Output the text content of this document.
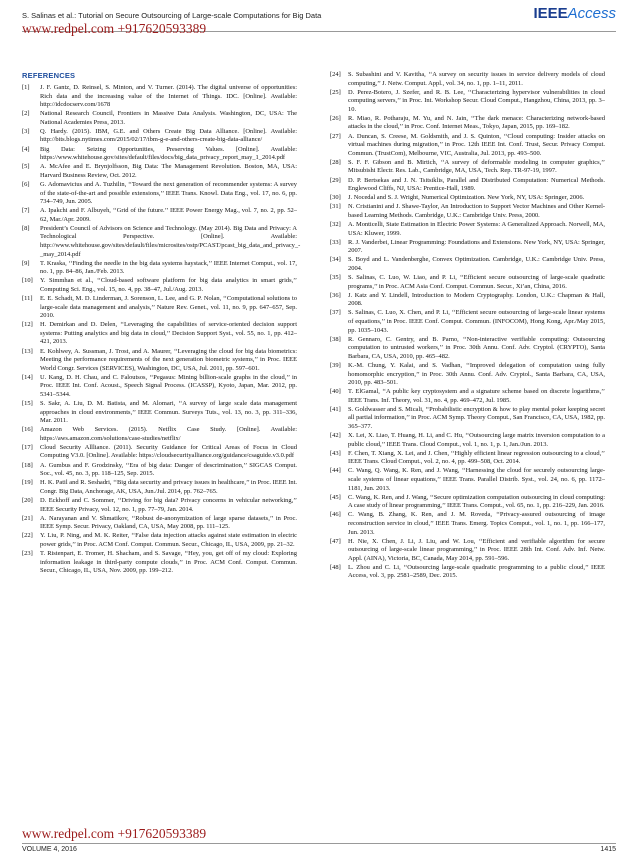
S. Salinas et al.: Tutorial on Secure Outsourcing of Large-scale Computations for Big Data	IEEEAccess
www.redpel.com +917620593389
REFERENCES
[1] J. F. Gantz, D. Reinsel, S. Minton, and V. Turner. (2014). The digital universe of opportunities: Rich data and the increasing value of the Internet of Things. IDC. [Online]. Available: http://idcdocserv.com/1678
[2] National Research Council, Frontiers in Massive Data Analysis. Washington, DC, USA: The National Academies Press, 2013.
[3] Q. Hardy. (2015). IBM, G.E. and Others Create Big Data Alliance. [Online]. Available: http://bits.blogs.nytimes.com/2015/02/17/ibm-g-e-and-others-create-big-data-alliance/
[4] Big Data: Seizing Opportunities, Preserving Values. [Online]. Available: https://www.whitehouse.gov/sites/default/files/docs/big_data_privacy_report_may_1_2014.pdf
[5] A. McAfee and E. Brynjolfsson, Big Data: The Management Revolution. Boston, MA, USA: Harvard Business Review, Oct. 2012.
[6] G. Adomavicius and A. Tuzhilin, ‘‘Toward the next generation of recommender systems: A survey of the state-of-the-art and possible extensions,’’ IEEE Trans. Knowl. Data Eng., vol. 17, no. 6, pp. 734–749, Jun. 2005.
[7] A. Ipakchi and F. Albuyeh, ‘‘Grid of the future.’’ IEEE Power Energy Mag., vol. 7, no. 2, pp. 52–62, Mar./Apr. 2009.
[8] President’s Council of Advisors on Science and Technology. (May 2014). Big Data and Privacy: A Technological Perspective. [Online]. Available: http://www.whitehouse.gov/sites/default/files/microsites/ostp/PCAST/pcast_big_data_and_privacy_-_may_2014.pdf
[9] T. Kraska, ‘‘Finding the needle in the big data systems haystack,’’ IEEE Internet Comput., vol. 17, no. 1, pp. 84–86, Jan./Feb. 2013.
[10] Y. Simmhan et al., ‘‘Cloud-based software platform for big data analytics in smart grids,’’ Computing Sci. Eng., vol. 15, no. 4, pp. 38–47, Jul./Aug. 2013.
[11] E. E. Schadt, M. D. Linderman, J. Sorenson, L. Lee, and G. P. Nolan, ‘‘Computational solutions to large-scale data management and analysis,’’ Nature Rev. Genet., vol. 11, no. 9, pp. 647–657, Sep. 2010.
[12] H. Demirkan and D. Delen, ‘‘Leveraging the capabilities of service-oriented decision support systems: Putting analytics and big data in cloud,’’ Decision Support Syst., vol. 55, no. 1, pp. 412–421, 2013.
[13] E. Kohlwey, A. Sussman, J. Trost, and A. Maurer, ‘‘Leveraging the cloud for big data biometrics: Meeting the performance requirements of the next generation biometric systems,’’ in Proc. IEEE World Congr. Services (SERVICES), Washington, DC, USA, Jul. 2011, pp. 597–601.
[14] U. Kang, D. H. Chau, and C. Faloutsos, ‘‘Pegasus: Mining billion-scale graphs in the cloud,’’ in Proc. IEEE Int. Conf. Acoust., Speech Signal Process. (ICASSP), Kyoto, Japan, Mar. 2012, pp. 5341–5344.
[15] S. Sakr, A. Liu, D. M. Batista, and M. Alomari, ‘‘A survey of large scale data management approaches in cloud environments,’’ IEEE Commun. Surveys Tuts., vol. 13, no. 3, pp. 311–336, Mar. 2011.
[16] Amazon Web Services. (2015). Netflix Case Study. [Online]. Available: https://aws.amazon.com/solutions/case-studies/netflix/
[17] Cloud Security Allliance. (2011). Security Guidance for Critical Areas of Focus in Cloud Computing V3.0. [Online]. Available: https://cloudsecurityalliance.org/guidance/csaguide.v3.0.pdf
[18] A. Gumbus and F. Grodzinsky, ‘‘Era of big data: Danger of descrimination,’’ SIGCAS Comput. Soc., vol. 45, no. 3, pp. 118–125, Sep. 2015.
[19] H. K. Patil and R. Seshadri, ‘‘Big data security and privacy issues in healthcare,’’ in Proc. IEEE Int. Congr. Big Data, Anchorage, AK, USA, Jun./Jul. 2014, pp. 762–765.
[20] D. Eckhoff and C. Sommer, ‘‘Driving for big data? Privacy concerns in vehicular networking,’’ IEEE Security Privacy, vol. 12, no. 1, pp. 77–79, Jan. 2014.
[21] A. Narayanan and V. Shmatikov, ‘‘Robust de-anonymization of large sparse datasets,’’ in Proc. IEEE Symp. Secur. Privacy, Oakland, CA, USA, May 2008, pp. 111–125.
[22] Y. Liu, P. Ning, and M. K. Reiter, ‘‘False data injection attacks against state estimation in electric power grids,’’ in Proc. ACM Conf. Comput. Commun. Secur., Chicago, IL, USA, 2009, pp. 21–32.
[23] T. Ristenpart, E. Tromer, H. Shacham, and S. Savage, ‘‘Hey, you, get off of my cloud: Exploring information leakage in third-party compute clouds,’’ in Proc. ACM Conf. Comput. Commun. Secur., Chicago, IL, USA, Nov. 2009, pp. 199–212.
[24] S. Subashini and V. Kavitha, ‘‘A survey on security issues in service delivery models of cloud computing,’’ J. Netw. Comput. Appl., vol. 34, no. 1, pp. 1–11, 2011.
[25] D. Perez-Botero, J. Szefer, and R. B. Lee, ‘‘Characterizing hypervisor vulnerabilities in cloud computing servers,’’ in Proc. Int. Workshop Secur. Cloud Comput., Hangzhou, China, 2013, pp. 3–10.
[26] R. Miao, R. Potharaju, M. Yu, and N. Jain, ‘‘The dark menace: Characterizing network-based attacks in the cloud,’’ in Proc. Conf. Internet Meas., Tokyo, Japan, 2015, pp. 169–182.
[27] A. Duncan, S. Creese, M. Goldsmith, and J. S. Quinton, ‘‘Cloud computing: Insider attacks on virtual machines during migration,’’ in Proc. 12th IEEE Int. Conf. Trust, Secur. Privacy Comput. Commun. (TrustCom), Melbourne, VIC, Australia, Jul. 2013, pp. 493–500.
[28] S. F. F. Gibson and B. Mirtich, ‘‘A survey of deformable modeling in computer graphics,’’ Mitsubishi Electr. Res. Lab., Cambridge, MA, USA, Tech. Rep. TR-97-19, 1997.
[29] D. P. Bertsekas and J. N. Tsitsiklis, Parallel and Distributed Computation: Numerical Methods. Englewood Cliffs, NJ, USA: Prentice-Hall, 1989.
[30] J. Nocedal and S. J. Wright, Numerical Optimization. New York, NY, USA: Springer, 2006.
[31] N. Cristianini and J. Shawe-Taylor, An Introduction to Support Vector Machines and Other Kernel-based Learning Methods. Cambridge, U.K.: Cambridge Univ. Press, 2000.
[32] A. Monticelli, State Estimation in Electric Power Systems: A Generalized Approach. Norwell, MA, USA: Kluwer, 1999.
[33] R. J. Vanderbei, Linear Programming: Foundations and Extensions. New York, NY, USA: Springer, 2007.
[34] S. Boyd and L. Vandenberghe, Convex Optimization. Cambridge, U.K.: Cambridge Univ. Press, 2004.
[35] S. Salinas, C. Luo, W. Liao, and P. Li, ‘‘Efficient secure outsourcing of large-scale quadratic programs,’’ in Proc. ACM Asia Conf. Comput. Commun. Secur., Xi’an, China, 2016.
[36] J. Katz and Y. Lindell, Introduction to Modern Cryptography. London, U.K.: Chapman & Hall, 2008.
[37] S. Salinas, C. Luo, X. Chen, and P. Li, ‘‘Efficient secure outsourcing of large-scale linear systems of equations,’’ in Proc. IEEE Conf. Comput. Commun. (INFOCOM), Hong Kong, Apr./May 2015, pp. 1035–1043.
[38] R. Gennaro, C. Gentry, and B. Parno, ‘‘Non-interactive verifiable computing: Outsourcing computation to untrusted workers,’’ in Proc. 30th Annu. Conf. Adv. Cryptol. (CRYPTO), Santa Barbara, CA, USA, 2010, pp. 465–482.
[39] K.-M. Chung, Y. Kalai, and S. Vadhan, ‘‘Improved delegation of computation using fully homomorphic encryption,’’ in Proc. 30th Annu. Conf. Adv. Cryptol., Santa Barbara, CA, USA, 2010, pp. 483–501.
[40] T. ElGamal, ‘‘A public key cryptosystem and a signature scheme based on discrete logarithms,’’ IEEE Trans. Inf. Theory, vol. 31, no. 4, pp. 469–472, Jul. 1985.
[41] S. Goldwasser and S. Micali, ‘‘Probabilistic encryption & how to play mental poker keeping secret all partial information,’’ in Proc. ACM Symp. Theory Comput., San Francisco, CA, USA, 1982, pp. 365–377.
[42] X. Lei, X. Liao, T. Huang, H. Li, and C. Hu, ‘‘Outsourcing large matrix inversion computation to a public cloud,’’ IEEE Trans. Cloud Comput., vol. 1, no. 1, p. 1, Jan./Jun. 2013.
[43] F. Chen, T. Xiang, X. Lei, and J. Chen, ‘‘Highly efficient linear regression outsourcing to a cloud,’’ IEEE Trans. Cloud Comput., vol. 2, no. 4, pp. 499–508, Oct. 2014.
[44] C. Wang, Q. Wang, K. Ren, and J. Wang, ‘‘Harnessing the cloud for securely outsourcing large-scale systems of linear equations,’’ IEEE Trans. Parallel Distrib. Syst., vol. 24, no. 6, pp. 1172–1181, Jun. 2013.
[45] C. Wang, K. Ren, and J. Wang, ‘‘Secure optimization computation outsourcing in cloud computing: A case study of linear programming,’’ IEEE Trans. Comput., vol. 65, no. 1, pp. 216–229, Jan. 2016.
[46] C. Wang, B. Zhang, K. Ren, and J. M. Roveda, ‘‘Privacy-assured outsourcing of image reconstruction service in cloud,’’ IEEE Trans. Emerg. Topics Comput., vol. 1, no. 1, pp. 166–177, Jun. 2013.
[47] H. Nie, X. Chen, J. Li, J. Liu, and W. Lou, ‘‘Efficient and verifiable algorithm for secure outsourcing of large-scale linear programming,’’ in Proc. IEEE 28th Int. Conf. Adv. Inf. Netw. Appl. (AINA), Victoria, BC, Canada, May 2014, pp. 591–596.
[48] L. Zhou and C. Li, ‘‘Outsourcing large-scale quadratic programming to a public cloud,’’ IEEE Access, vol. 3, pp. 2581–2589, Dec. 2015.
www.redpel.com +917620593389
VOLUME 4, 2016	1415
